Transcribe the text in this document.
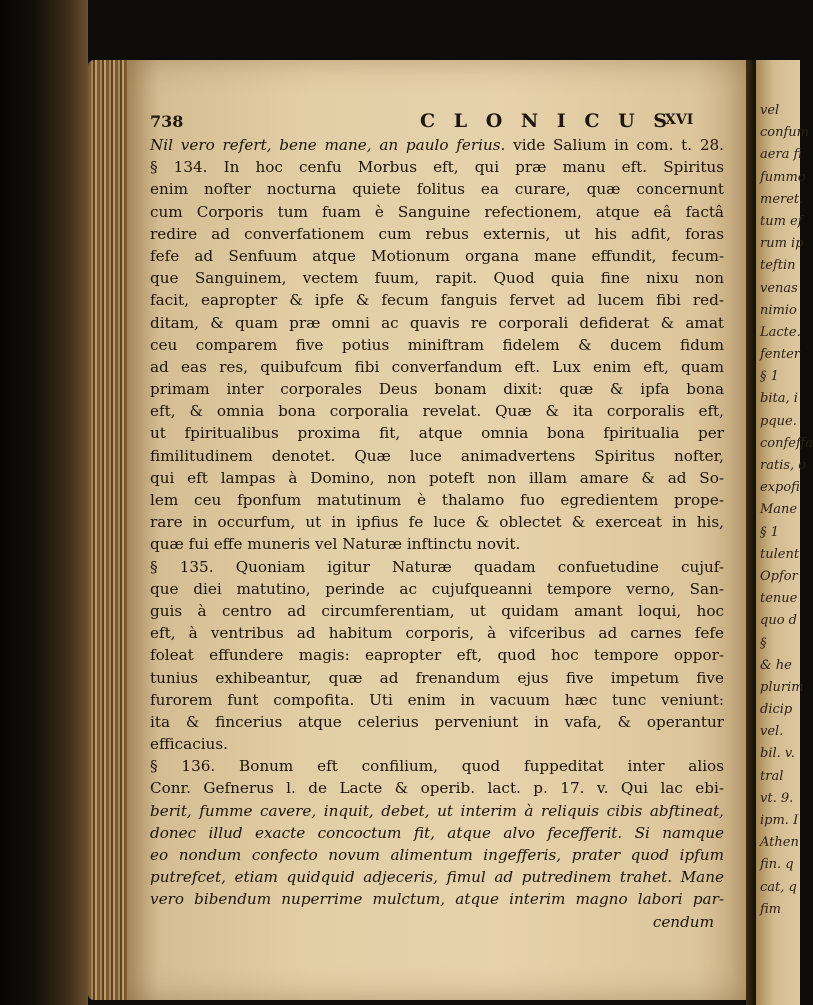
738	C L O N I C U S
XVI
Nil vero refert, bene mane, an paulo ferius. vide Salium in com. t. 28.
§ 134. In hoc cenfu Morbus eft, qui præ manu eft. Spiritus
enim nofter nocturna quiete folitus ea curare, quæ concernunt
cum Corporis tum fuam è Sanguine refectionem, atque eâ factâ
redire ad converfationem cum rebus externis, ut his adfit, foras
fefe ad Senfuum atque Motionum organa mane effundit, fecum-
que Sanguinem, vectem fuum, rapit. Quod quia fine nixu non
facit, eapropter & ipfe & fecum fanguis fervet ad lucem fibi red-
ditam, & quam præ omni ac quavis re corporali defiderat & amat
ceu comparem five potius miniftram fidelem & ducem fidum
ad eas res, quibufcum fibi converfandum eft. Lux enim eft, quam
primam inter corporales Deus bonam dixit: quæ & ipfa bona
eft, & omnia bona corporalia revelat. Quæ & ita corporalis eft,
ut fpiritualibus proxima fit, atque omnia bona fpiritualia per
fimilitudinem denotet. Quæ luce animadvertens Spiritus nofter,
qui eft lampas à Domino, non poteft non illam amare & ad So-
lem ceu fponfum matutinum è thalamo fuo egredientem prope-
rare in occurfum, ut in ipfius fe luce & oblectet & exerceat in his,
quæ fui effe muneris vel Naturæ inftinctu novit.
§ 135. Quoniam igitur Naturæ quadam confuetudine cujuf-
que diei matutino, perinde ac cujufqueanni tempore verno, San-
guis à centro ad circumferentiam, ut quidam amant loqui, hoc
eft, à ventribus ad habitum corporis, à vifceribus ad carnes fefe
foleat effundere magis: eapropter eft, quod hoc tempore oppor-
tunius exhibeantur, quæ ad frenandum ejus five impetum five
furorem funt compofita. Uti enim in vacuum hæc tunc veniunt:
ita & fincerius atque celerius perveniunt in vafa, & operantur
efficacius.
§ 136. Bonum eft confilium, quod fuppeditat inter alios
Conr. Gefnerus l. de Lacte & operib. lact. p. 17. v. Qui lac ebi-
berit, fumme cavere, inquit, debet, ut interim à reliquis cibis abftineat,
donec illud exacte concoctum fit, atque alvo fecefferit. Si namque
eo nondum confecto novum alimentum ingefferis, prater quod ipfum
putrefcet, etiam quidquid adjeceris, fimul ad putredinem trahet. Mane
vero bibendum nuperrime mulctum, atque interim magno labori par-
cendum
vel
confum
aera fi
fummo
meret.
tum ef
rum ip
teftin
venas
nimio
Lacte.
fenter
§ 1
bita, i
pque.
confeffa
ratis, o
expofi
Mane
§ 1
tulent
Opfor
tenue
quo d
§
& he
plurim
dicip
vel.
bil. v.
tral
vt. 9.
ipm. I
Athen
fin. q
cat, q
fim
